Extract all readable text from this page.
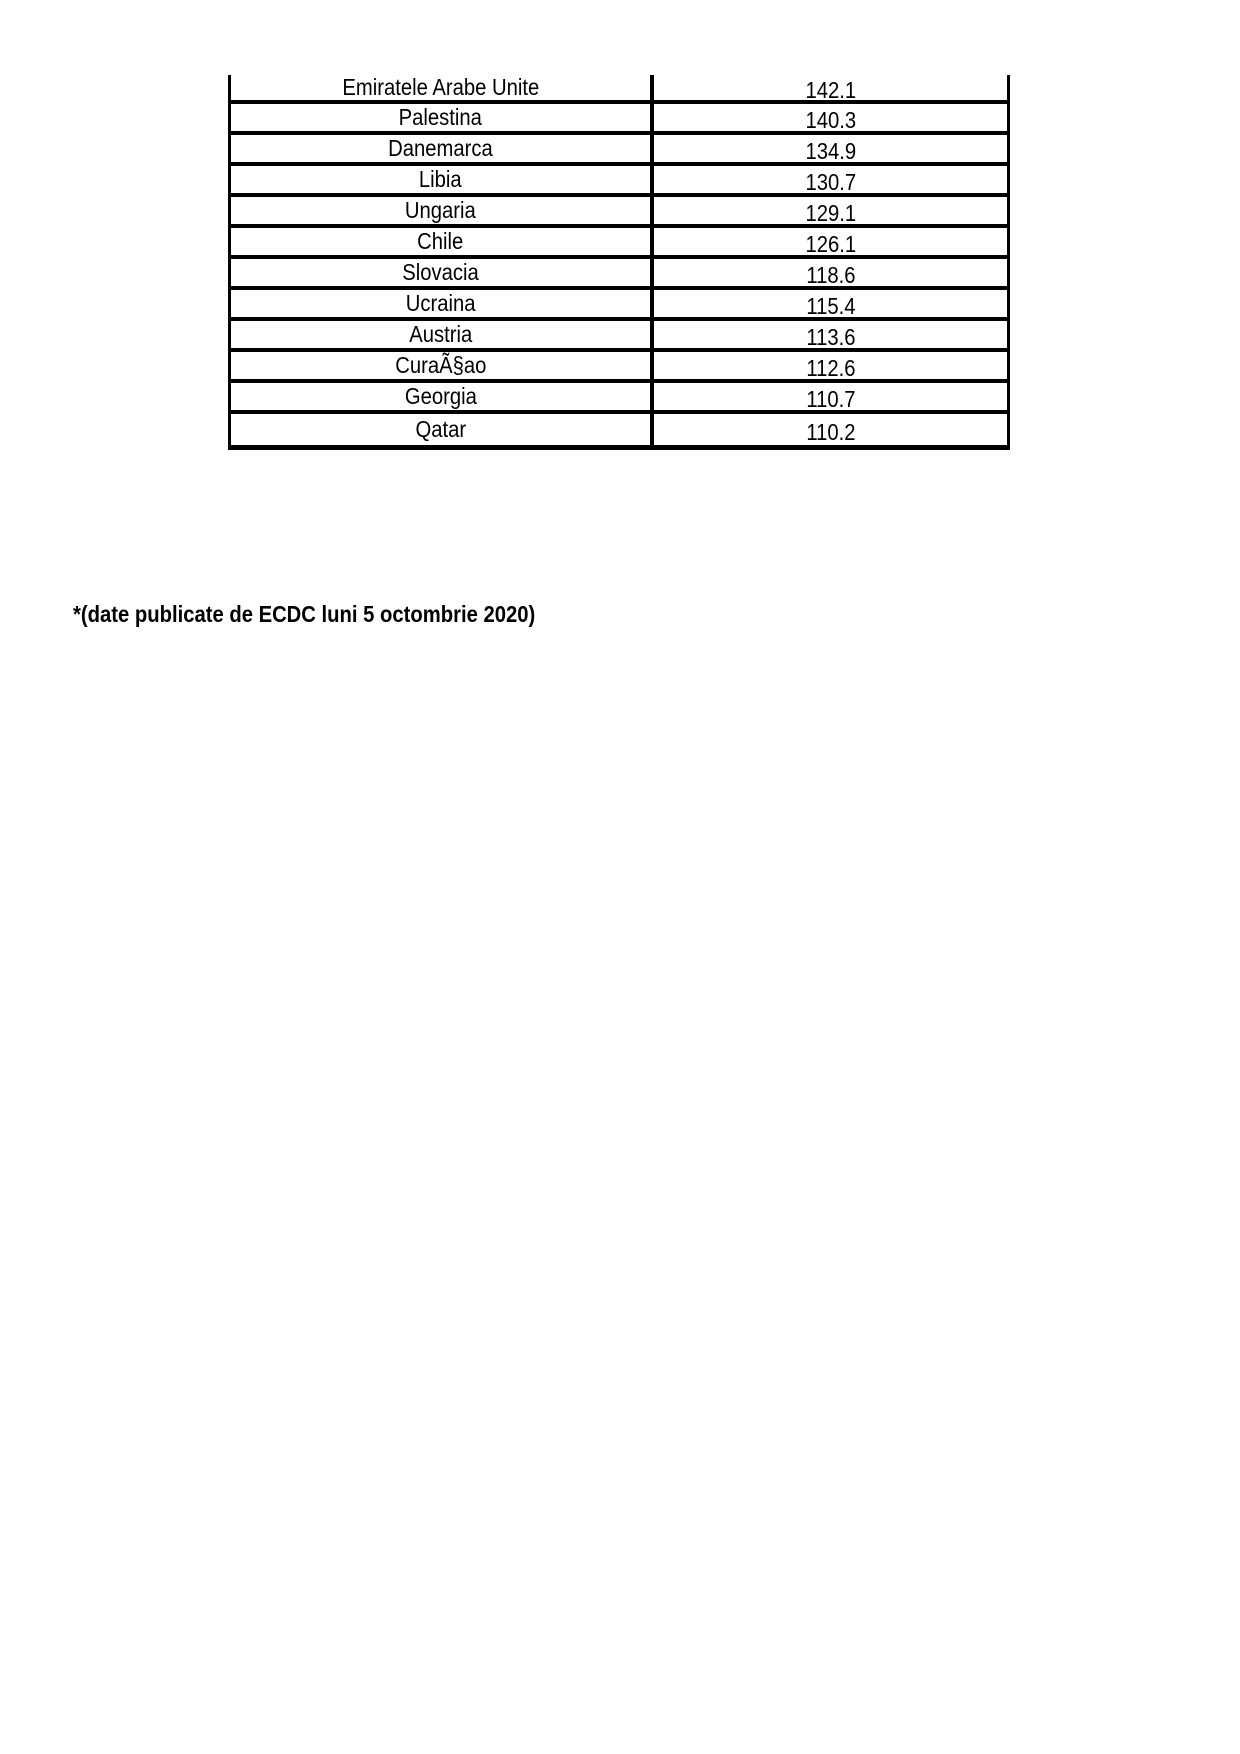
Emiratele Arabe Unite	142.1
Palestina	140.3
Danemarca	134.9
Libia	130.7
Ungaria	129.1
Chile	126.1
Slovacia	118.6
Ucraina	115.4
Austria	113.6
CuraÃ§ao	112.6
Georgia	110.7
Qatar	110.2
*(date publicate de ECDC luni 5 octombrie 2020)
